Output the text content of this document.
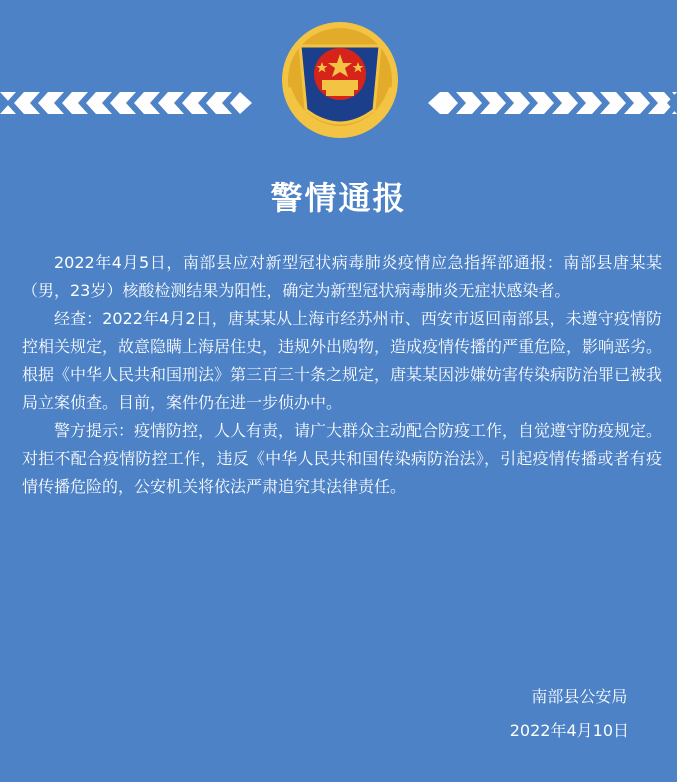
警情通报

2022年4月5日，南部县应对新型冠状病毒肺炎疫情应急指挥部通报：南部县唐某某（男，23岁）核酸检测结果为阳性，确定为新型冠状病毒肺炎无症状感染者。

经查：2022年4月2日，唐某某从上海市经苏州市、西安市返回南部县，未遵守疫情防控相关规定，故意隐瞒上海居住史，违规外出购物，造成疫情传播的严重危险，影响恶劣。根据《中华人民共和国刑法》第三百三十条之规定，唐某某因涉嫌妨害传染病防治罪已被我局立案侦查。目前，案件仍在进一步侦办中。

警方提示：疫情防控，人人有责，请广大群众主动配合防疫工作，自觉遵守防疫规定。对拒不配合疫情防控工作，违反《中华人民共和国传染病防治法》，引起疫情传播或者有疫情传播危险的，公安机关将依法严肃追究其法律责任。

南部县公安局
2022年4月10日
